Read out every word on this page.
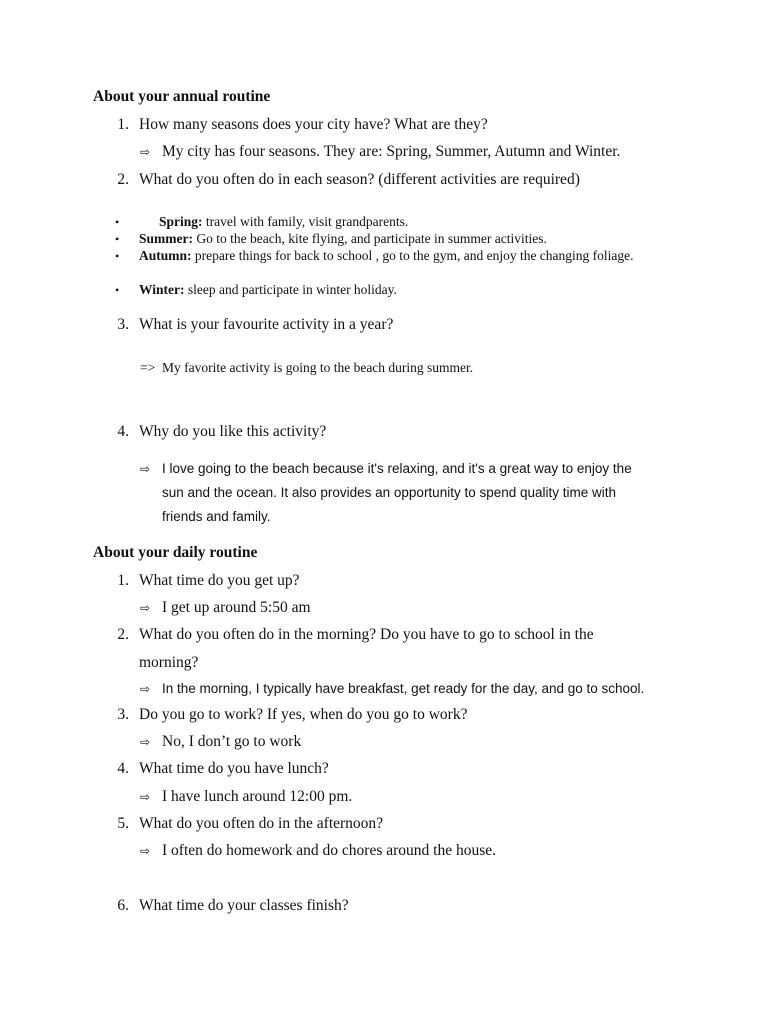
About your annual routine
1. How many seasons does your city have? What are they?
⇨ My city has four seasons. They are: Spring, Summer, Autumn and Winter.
2. What do you often do in each season? (different activities are required)
•	Spring: travel with family, visit grandparents.
• Summer: Go to the beach, kite flying, and participate in summer activities.
• Autumn: prepare things for back to school , go to the gym, and enjoy the changing foliage.
• Winter: sleep and participate in winter holiday.
3. What is your favourite activity in a year?
=> My favorite activity is going to the beach during summer.
4. Why do you like this activity?
⇨ I love going to the beach because it's relaxing, and it's a great way to enjoy the
sun and the ocean. It also provides an opportunity to spend quality time with
friends and family.
About your daily routine
1. What time do you get up?
⇨ I get up around 5:50 am
2. What do you often do in the morning? Do you have to go to school in the
morning?
⇨ In the morning, I typically have breakfast, get ready for the day, and go to school.
3. Do you go to work? If yes, when do you go to work?
⇨ No, I don’t go to work
4. What time do you have lunch?
⇨ I have lunch around 12:00 pm.
5. What do you often do in the afternoon?
⇨ I often do homework and do chores around the house.
6. What time do your classes finish?
